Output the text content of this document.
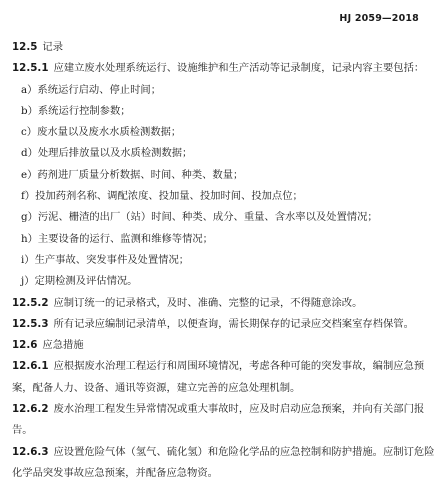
HJ 2059—2018
12.5 记录
12.5.1 应建立废水处理系统运行、设施维护和生产活动等记录制度，记录内容主要包括：
a）系统运行启动、停止时间；
b）系统运行控制参数；
c）废水量以及废水水质检测数据；
d）处理后排放量以及水质检测数据；
e）药剂进厂质量分析数据、时间、种类、数量；
f）投加药剂名称、调配浓度、投加量、投加时间、投加点位；
g）污泥、栅渣的出厂（站）时间、种类、成分、重量、含水率以及处置情况；
h）主要设备的运行、监测和维修等情况；
i）生产事故、突发事件及处置情况；
j）定期检测及评估情况。
12.5.2 应制订统一的记录格式，及时、准确、完整的记录，不得随意涂改。
12.5.3 所有记录应编制记录清单，以便查询，需长期保存的记录应交档案室存档保管。
12.6 应急措施
12.6.1 应根据废水治理工程运行和周围环境情况，考虑各种可能的突发事故，编制应急预
案，配备人力、设备、通讯等资源，建立完善的应急处理机制。
12.6.2 废水治理工程发生异常情况或重大事故时，应及时启动应急预案，并向有关部门报
告。
12.6.3 应设置危险气体（氢气、硫化氢）和危险化学品的应急控制和防护措施。应制订危险
化学品突发事故应急预案，并配备应急物资。
